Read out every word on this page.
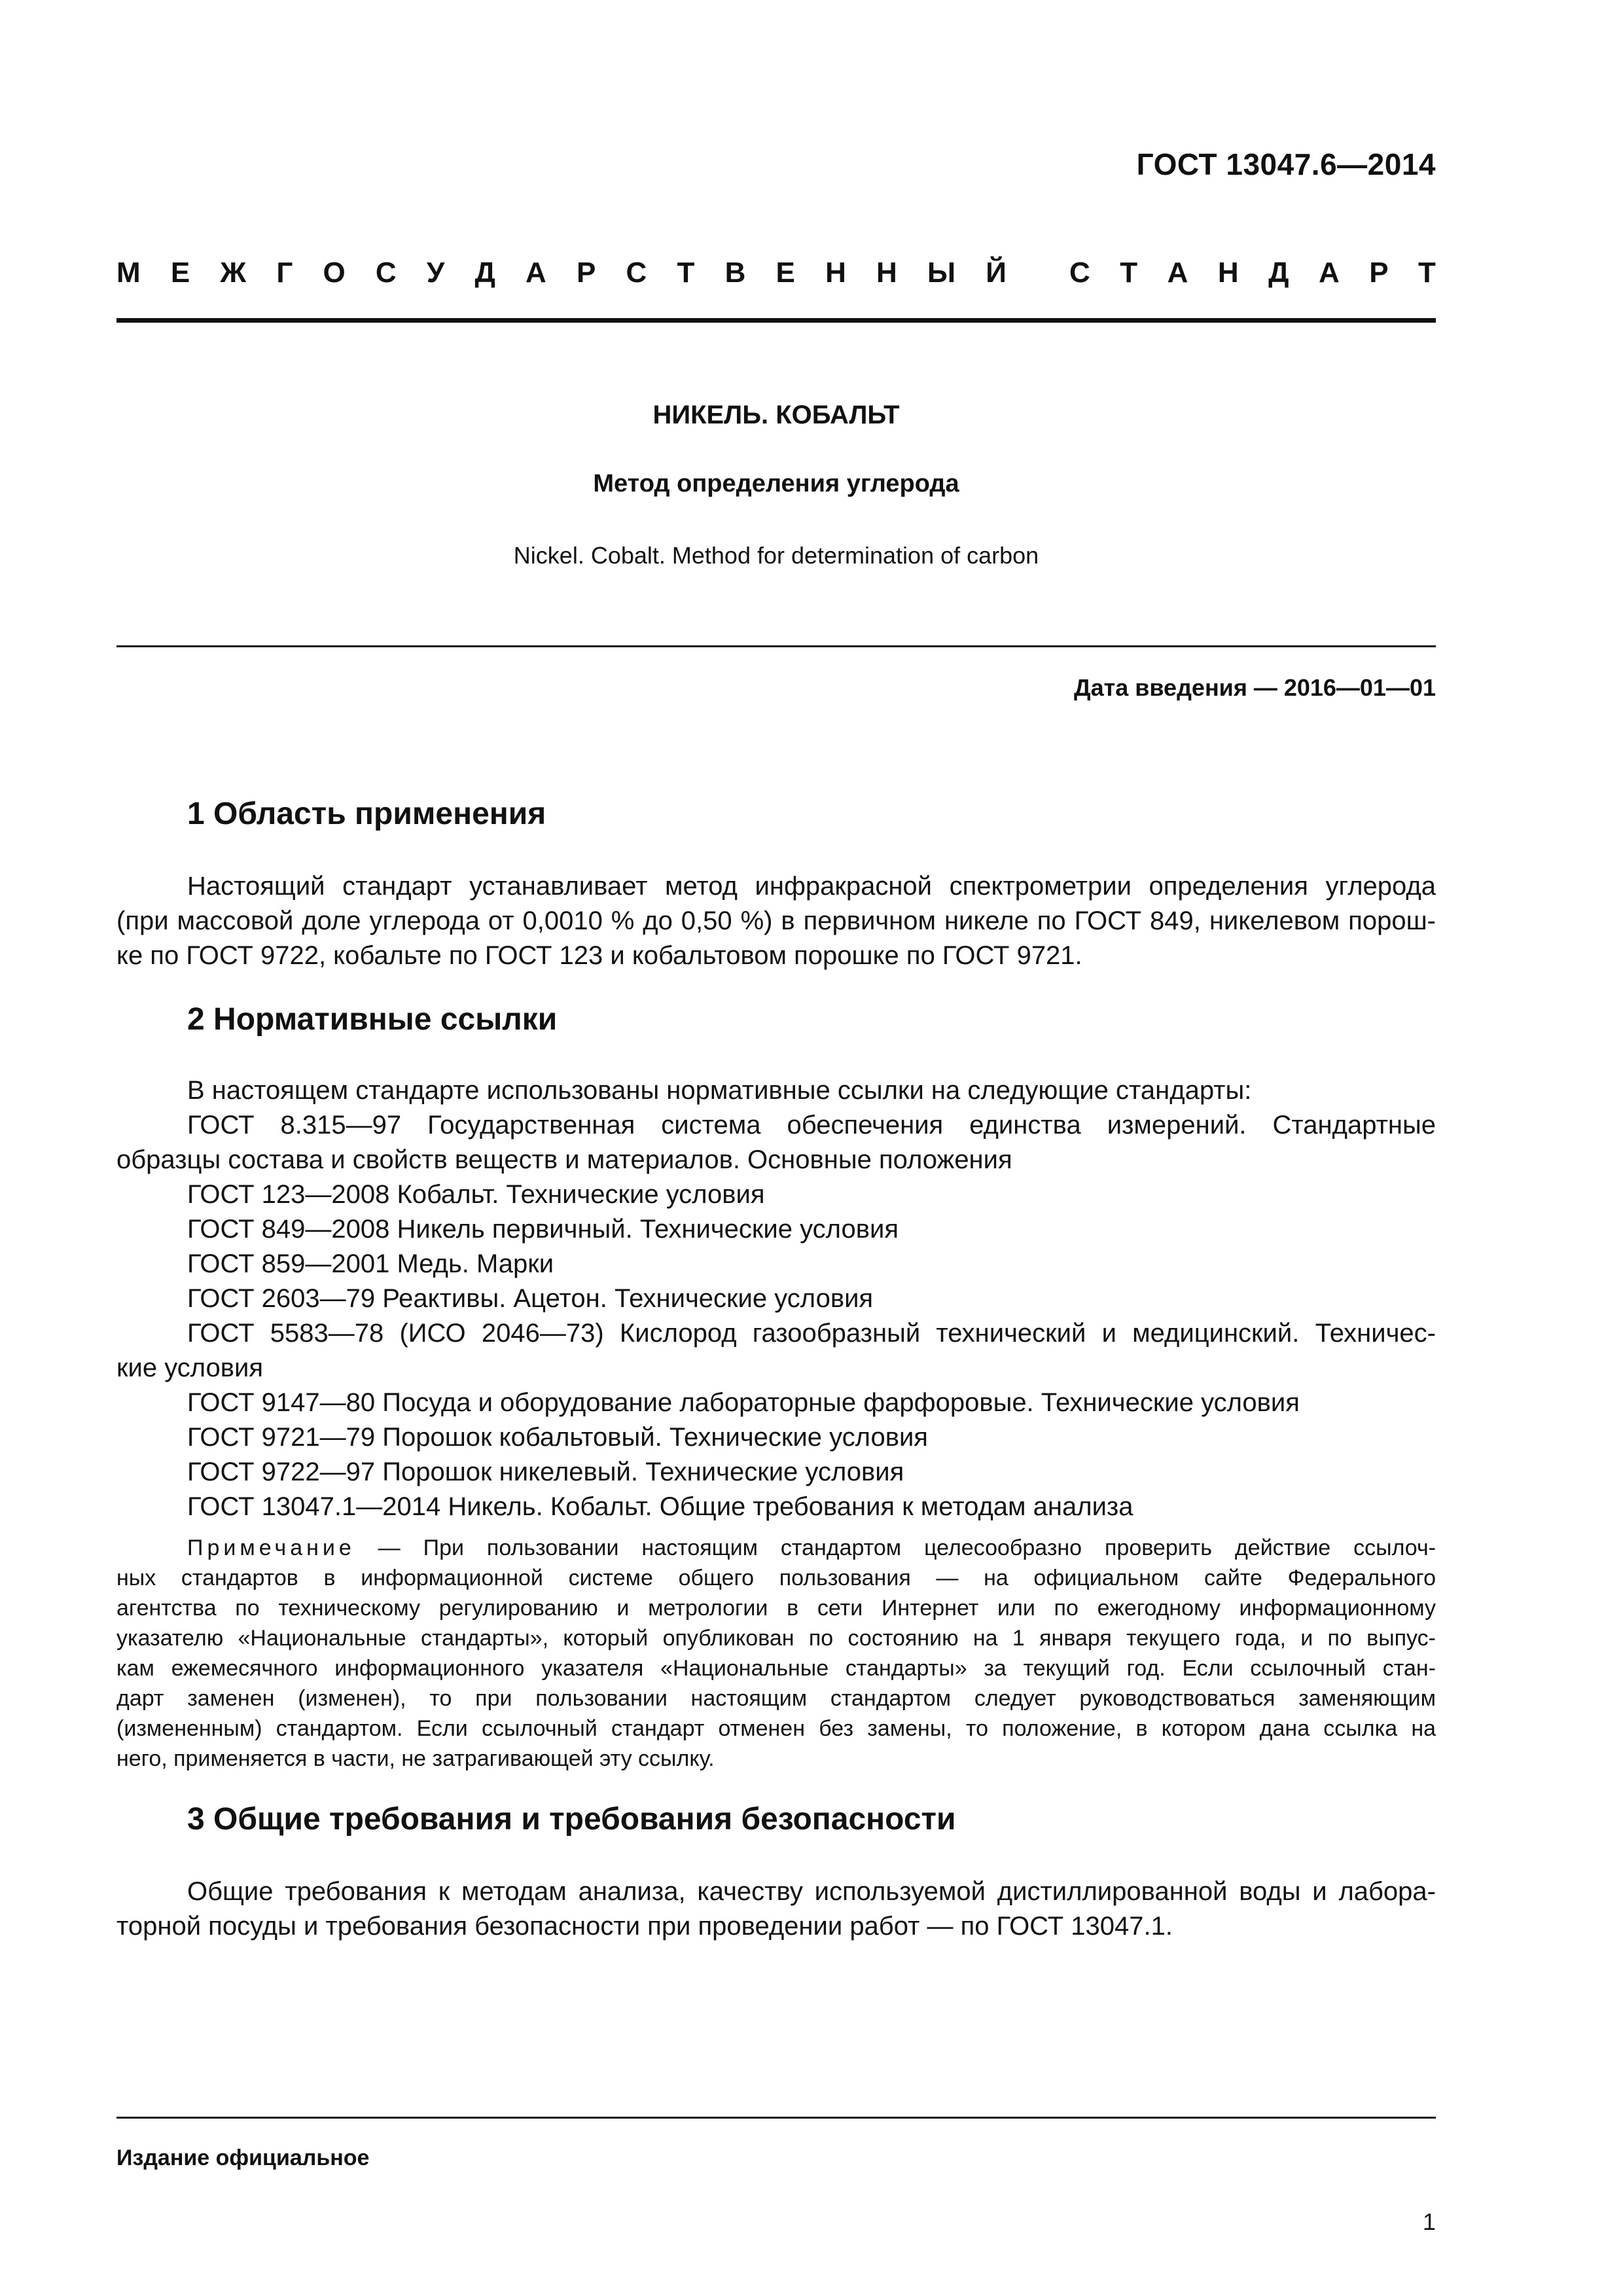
ГОСТ 13047.6—2014
М Е Ж Г О С У Д А Р С Т В Е Н Н Ы Й С Т А Н Д А Р Т
НИКЕЛЬ. КОБАЛЬТ
Метод определения углерода
Nickel. Cobalt. Method for determination of carbon
Дата введения — 2016—01—01
1 Область применения
Настоящий стандарт устанавливает метод инфракрасной спектрометрии определения углерода
(при массовой доле углерода от 0,0010 % до 0,50 %) в первичном никеле по ГОСТ 849, никелевом порош-
ке по ГОСТ 9722, кобальте по ГОСТ 123 и кобальтовом порошке по ГОСТ 9721.
2 Нормативные ссылки
В настоящем стандарте использованы нормативные ссылки на следующие стандарты:
ГОСТ 8.315—97 Государственная система обеспечения единства измерений. Стандартные
образцы состава и свойств веществ и материалов. Основные положения
ГОСТ 123—2008 Кобальт. Технические условия
ГОСТ 849—2008 Никель первичный. Технические условия
ГОСТ 859—2001 Медь. Марки
ГОСТ 2603—79 Реактивы. Ацетон. Технические условия
ГОСТ 5583—78 (ИСО 2046—73) Кислород газообразный технический и медицинский. Техничес-
кие условия
ГОСТ 9147—80 Посуда и оборудование лабораторные фарфоровые. Технические условия
ГОСТ 9721—79 Порошок кобальтовый. Технические условия
ГОСТ 9722—97 Порошок никелевый. Технические условия
ГОСТ 13047.1—2014 Никель. Кобальт. Общие требования к методам анализа
Примечание — При пользовании настоящим стандартом целесообразно проверить действие ссылоч-
ных стандартов в информационной системе общего пользования — на официальном сайте Федерального
агентства по техническому регулированию и метрологии в сети Интернет или по ежегодному информационному
указателю «Национальные стандарты», который опубликован по состоянию на 1 января текущего года, и по выпус-
кам ежемесячного информационного указателя «Национальные стандарты» за текущий год. Если ссылочный стан-
дарт заменен (изменен), то при пользовании настоящим стандартом следует руководствоваться заменяющим
(измененным) стандартом. Если ссылочный стандарт отменен без замены, то положение, в котором дана ссылка на
него, применяется в части, не затрагивающей эту ссылку.
3 Общие требования и требования безопасности
Общие требования к методам анализа, качеству используемой дистиллированной воды и лабора-
торной посуды и требования безопасности при проведении работ — по ГОСТ 13047.1.
Издание официальное
1
